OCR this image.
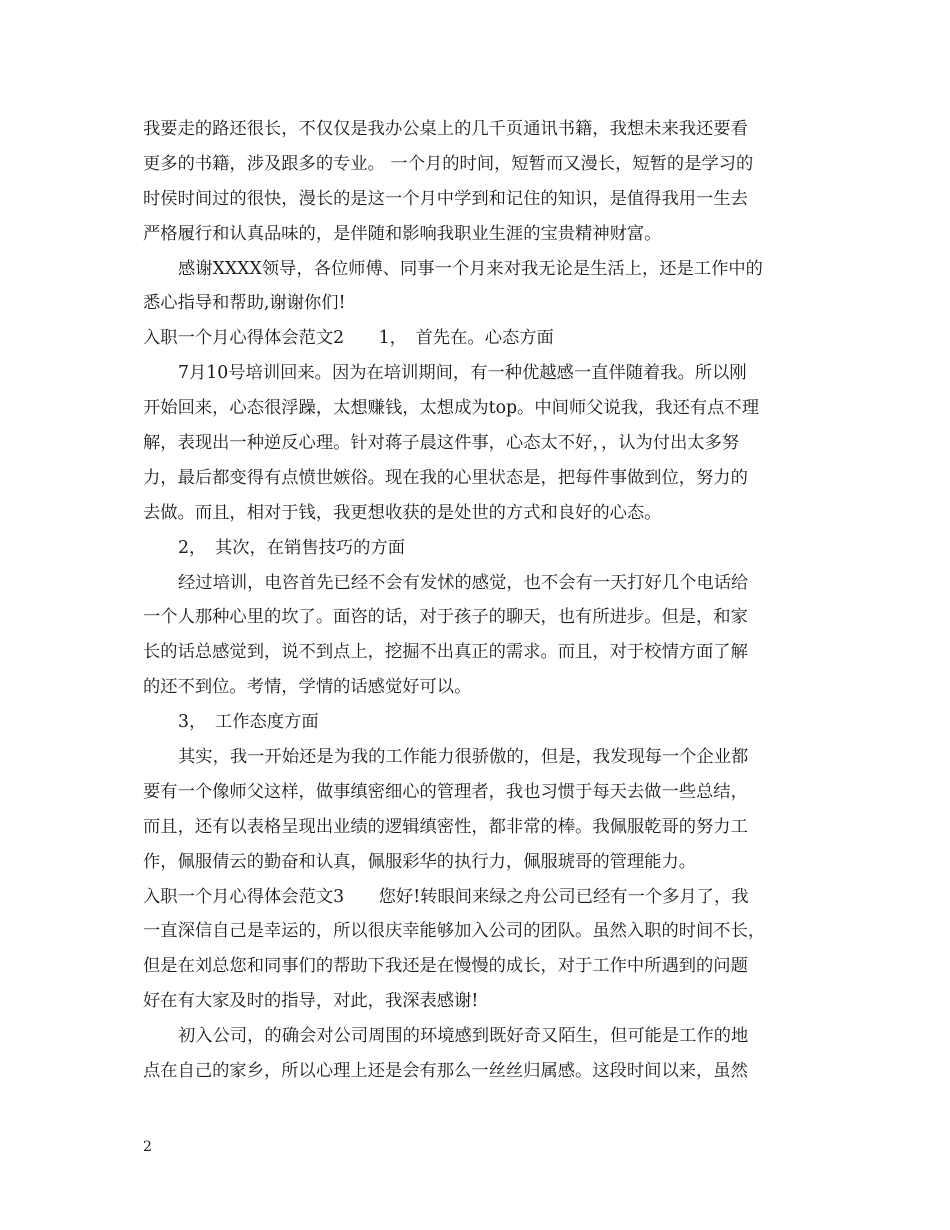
我要走的路还很长，不仅仅是我办公桌上的几千页通讯书籍，我想未来我还要看
更多的书籍，涉及跟多的专业。 一个月的时间，短暂而又漫长，短暂的是学习的
时侯时间过的很快，漫长的是这一个月中学到和记住的知识，是值得我用一生去
严格履行和认真品味的，是伴随和影响我职业生涯的宝贵精神财富。
感谢XXXX领导，各位师傅、同事一个月来对我无论是生活上，还是工作中的
悉心指导和帮助,谢谢你们!
入职一个月心得体会范文2　　1，　首先在。心态方面
7月10号培训回来。因为在培训期间，有一种优越感一直伴随着我。所以刚
开始回来，心态很浮躁，太想赚钱，太想成为top。中间师父说我，我还有点不理
解，表现出一种逆反心理。针对蒋子晨这件事，心态太不好，，认为付出太多努
力，最后都变得有点愤世嫉俗。现在我的心里状态是，把每件事做到位，努力的
去做。而且，相对于钱，我更想收获的是处世的方式和良好的心态。
2，　其次，在销售技巧的方面
经过培训，电咨首先已经不会有发怵的感觉，也不会有一天打好几个电话给
一个人那种心里的坎了。面咨的话，对于孩子的聊天，也有所进步。但是，和家
长的话总感觉到，说不到点上，挖掘不出真正的需求。而且，对于校情方面了解
的还不到位。考情，学情的话感觉好可以。
3，　工作态度方面
其实，我一开始还是为我的工作能力很骄傲的，但是，我发现每一个企业都
要有一个像师父这样，做事缜密细心的管理者，我也习惯于每天去做一些总结，
而且，还有以表格呈现出业绩的逻辑缜密性，都非常的棒。我佩服乾哥的努力工
作，佩服倩云的勤奋和认真，佩服彩华的执行力，佩服琥哥的管理能力。
入职一个月心得体会范文3　　您好!转眼间来绿之舟公司已经有一个多月了，我
一直深信自己是幸运的，所以很庆幸能够加入公司的团队。虽然入职的时间不长，
但是在刘总您和同事们的帮助下我还是在慢慢的成长，对于工作中所遇到的问题
好在有大家及时的指导，对此，我深表感谢!
初入公司，的确会对公司周围的环境感到既好奇又陌生，但可能是工作的地
点在自己的家乡，所以心理上还是会有那么一丝丝归属感。这段时间以来，虽然
2
